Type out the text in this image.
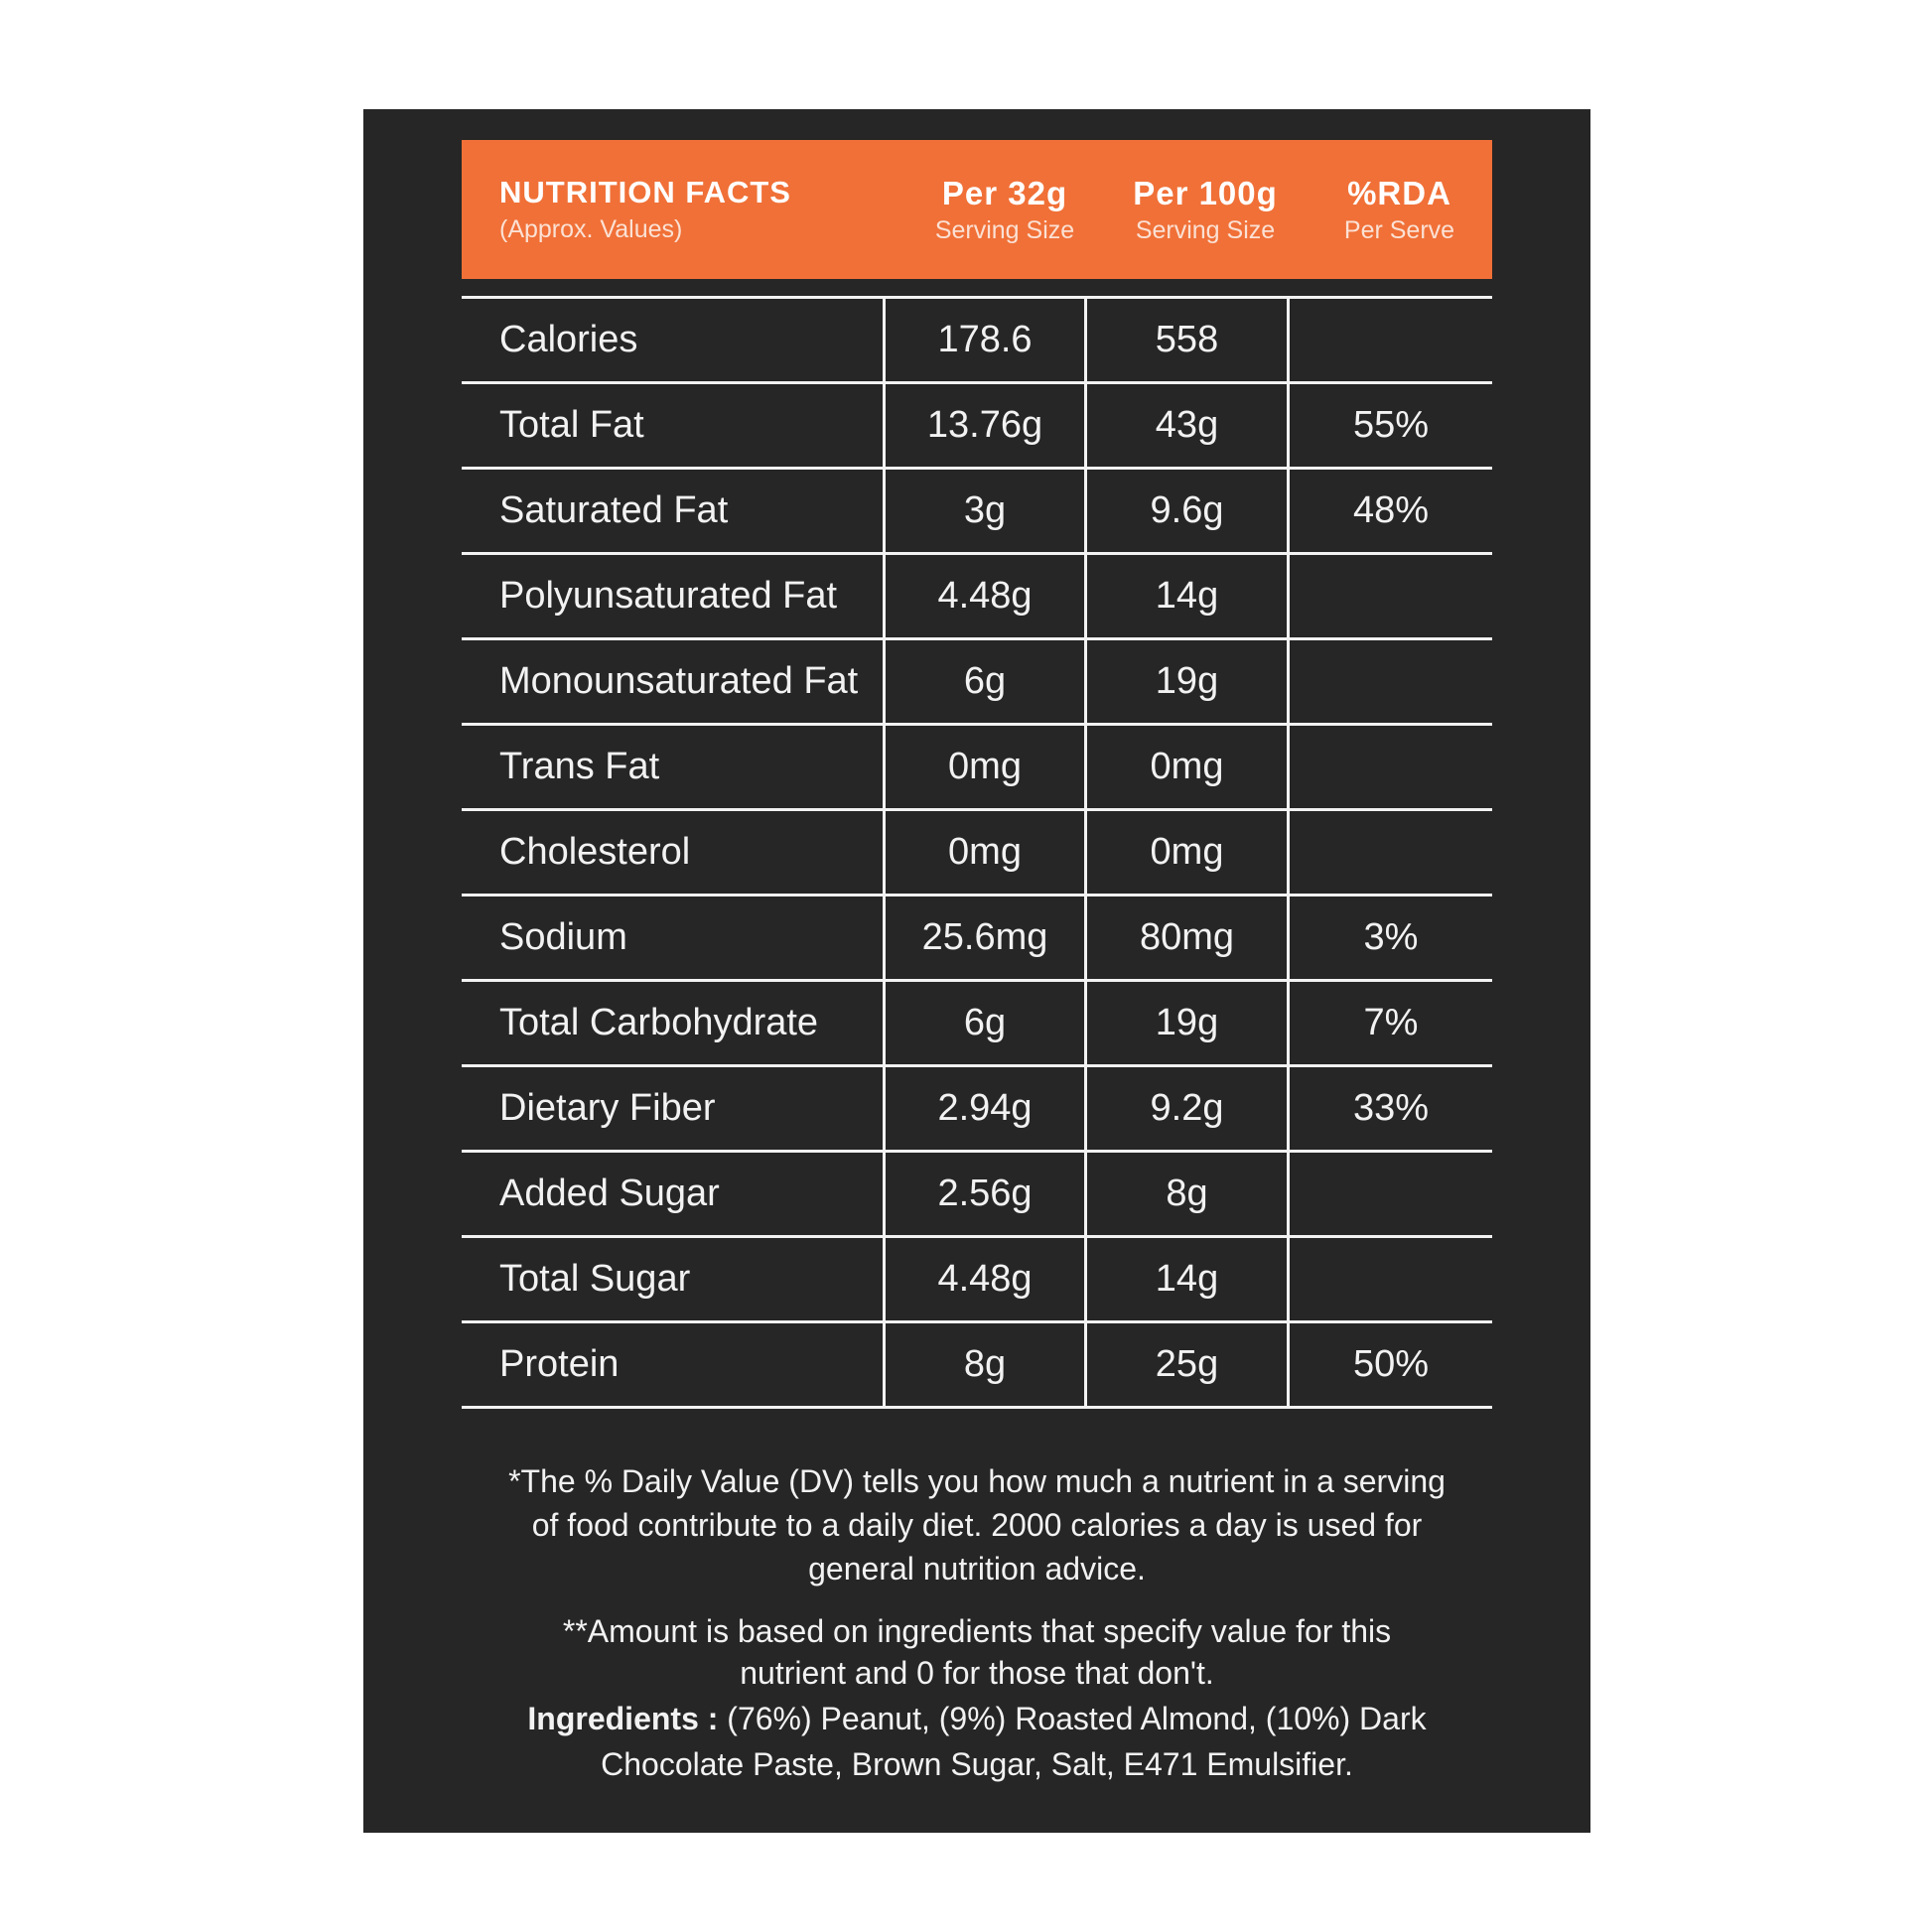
NUTRITION FACTS
(Approx. Values)
Per 32g
Serving Size
Per 100g
Serving Size
%RDA
Per Serve
Calories	178.6	558
Total Fat	13.76g	43g	55%
Saturated Fat	3g	9.6g	48%
Polyunsaturated Fat	4.48g	14g
Monounsaturated Fat	6g	19g
Trans Fat	0mg	0mg
Cholesterol	0mg	0mg
Sodium	25.6mg	80mg	3%
Total Carbohydrate	6g	19g	7%
Dietary Fiber	2.94g	9.2g	33%
Added Sugar	2.56g	8g
Total Sugar	4.48g	14g
Protein	8g	25g	50%
*The % Daily Value (DV) tells you how much a nutrient in a serving of food contribute to a daily diet. 2000 calories a day is used for general nutrition advice.
**Amount is based on ingredients that specify value for this nutrient and 0 for those that don't.
Ingredients : (76%) Peanut, (9%) Roasted Almond, (10%) Dark Chocolate Paste, Brown Sugar, Salt, E471 Emulsifier.
